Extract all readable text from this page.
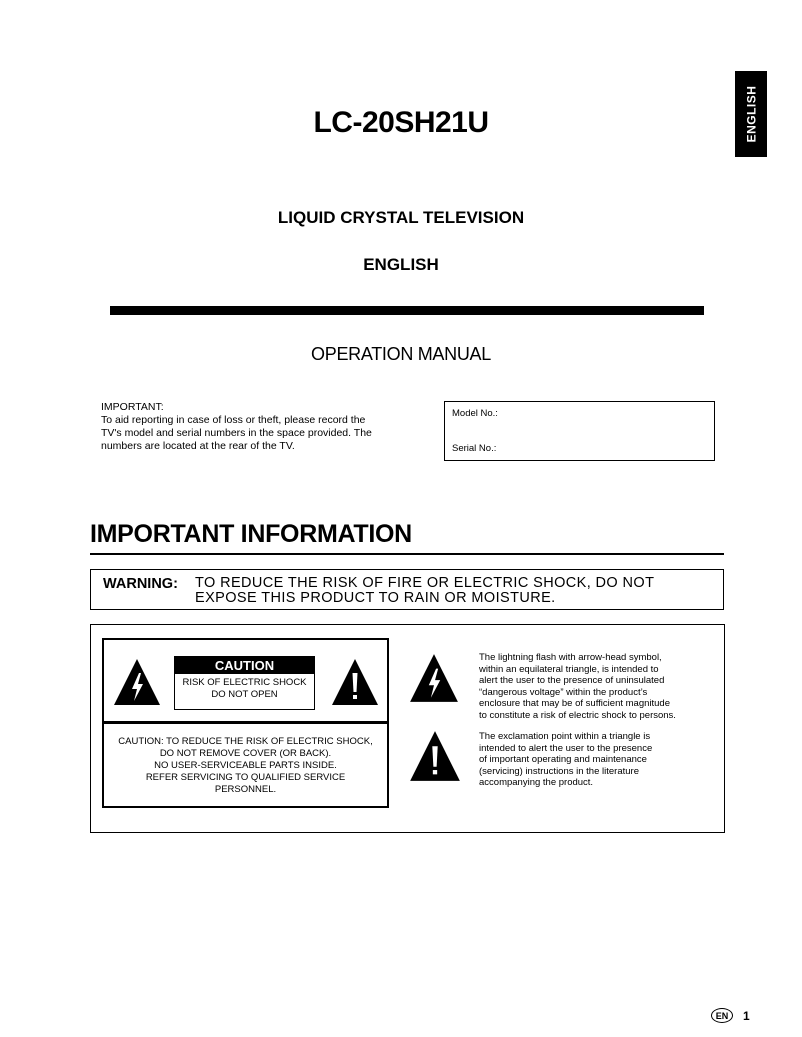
ENGLISH
LC-20SH21U
LIQUID CRYSTAL TELEVISION
ENGLISH
OPERATION MANUAL
IMPORTANT:
To aid reporting in case of loss or theft, please record the
TV's model and serial numbers in the space provided. The
numbers are located at the rear of the TV.
Model No.:
Serial No.:
IMPORTANT INFORMATION
WARNING: TO REDUCE THE RISK OF FIRE OR ELECTRIC SHOCK, DO NOT
EXPOSE THIS PRODUCT TO RAIN OR MOISTURE.
CAUTION
RISK OF ELECTRIC SHOCK
DO NOT OPEN
CAUTION: TO REDUCE THE RISK OF ELECTRIC SHOCK,
DO NOT REMOVE COVER (OR BACK).
NO USER-SERVICEABLE PARTS INSIDE.
REFER SERVICING TO QUALIFIED SERVICE
PERSONNEL.
The lightning flash with arrow-head symbol,
within an equilateral triangle, is intended to
alert the user to the presence of uninsulated
“dangerous voltage” within the product’s
enclosure that may be of sufficient magnitude
to constitute a risk of electric shock to persons.
The exclamation point within a triangle is
intended to alert the user to the presence
of important operating and maintenance
(servicing) instructions in the literature
accompanying the product.
EN	1
